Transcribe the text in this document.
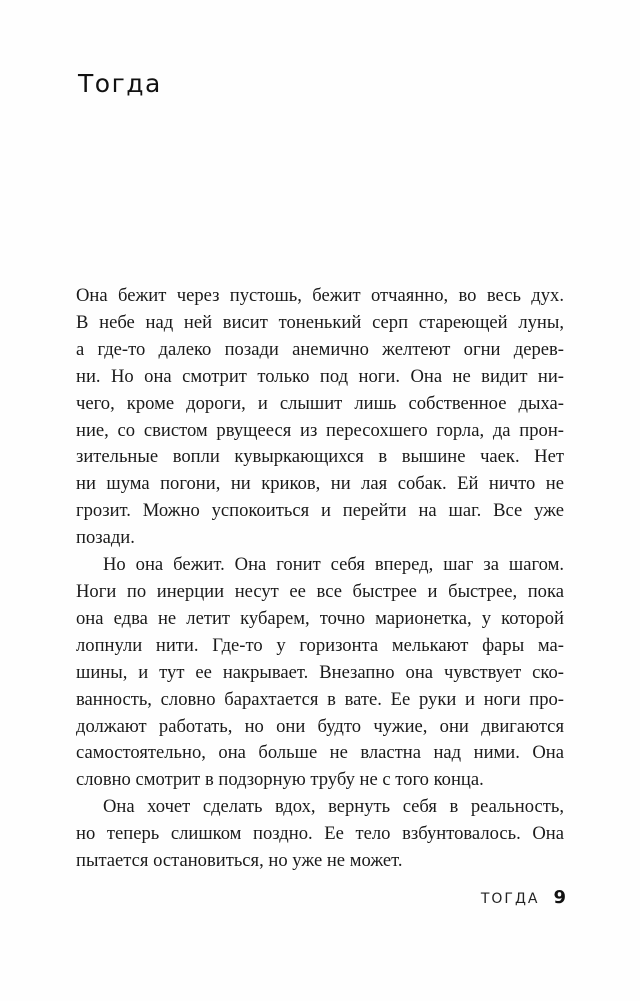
Тогда
Она бежит через пустошь, бежит отчаянно, во весь дух.
В небе над ней висит тоненький серп стареющей луны,
а где-то далеко позади анемично желтеют огни дерев-
ни. Но она смотрит только под ноги. Она не видит ни-
чего, кроме дороги, и слышит лишь собственное дыха-
ние, со свистом рвущееся из пересохшего горла, да прон-
зительные вопли кувыркающихся в вышине чаек. Нет
ни шума погони, ни криков, ни лая собак. Ей ничто не
грозит. Можно успокоиться и перейти на шаг. Все уже
позади.
Но она бежит. Она гонит себя вперед, шаг за шагом.
Ноги по инерции несут ее все быстрее и быстрее, пока
она едва не летит кубарем, точно марионетка, у которой
лопнули нити. Где-то у горизонта мелькают фары ма-
шины, и тут ее накрывает. Внезапно она чувствует ско-
ванность, словно барахтается в вате. Ее руки и ноги про-
должают работать, но они будто чужие, они двигаются
самостоятельно, она больше не властна над ними. Она
словно смотрит в подзорную трубу не с того конца.
Она хочет сделать вдох, вернуть себя в реальность,
но теперь слишком поздно. Ее тело взбунтовалось. Она
пытается остановиться, но уже не может.
ТОГДА 9
